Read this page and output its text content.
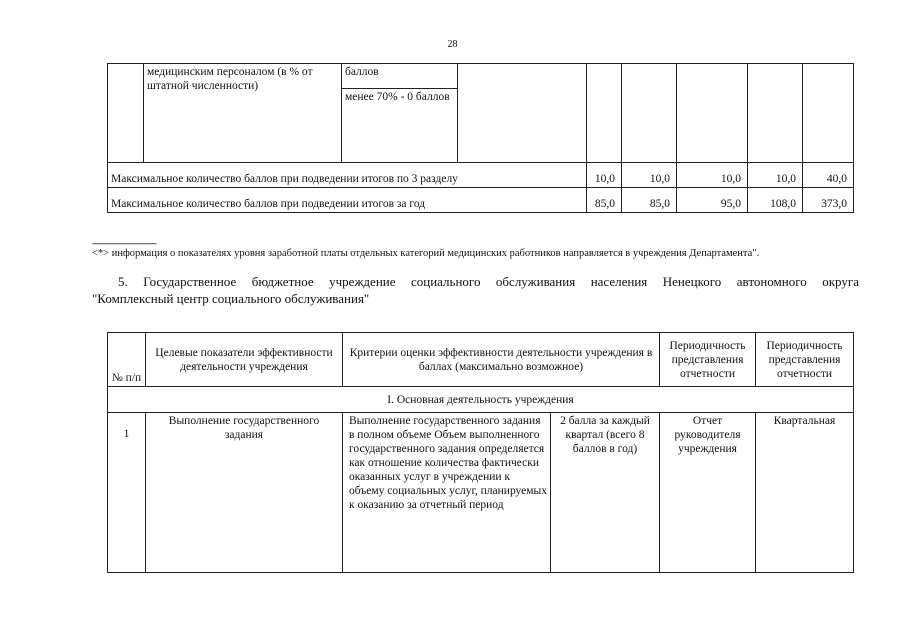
28
	медицинским персоналом (в % от штатной численности)	баллов						
		менее 70% - 0 баллов						
Максимальное количество баллов при подведении итогов по 3 разделу				10,0	10,0	10,0	10,0	40,0
Максимальное количество баллов при подведении итогов за год				85,0	85,0	95,0	108,0	373,0
--------------------------------
<*> информация о показателях уровня заработной платы отдельных категорий медицинских работников направляется в учреждения Департамента".
5. Государственное бюджетное учреждение социального обслуживания населения Ненецкого автономного округа
"Комплексный центр социального обслуживания"
№ п/п	Целевые показатели эффективности деятельности учреждения	Критерии оценки эффективности деятельности учреждения в баллах (максимально возможное)		Периодичность представления отчетности	Периодичность представления отчетности
I. Основная деятельность учреждения					
1	Выполнение государственного задания	Выполнение государственного задания в полном объеме Объем выполненного государственного задания определяется как отношение количества фактически оказанных услуг в учреждении к объему социальных услуг, планируемых к оказанию за отчетный период	2 балла за каждый квартал (всего 8 баллов в год)	Отчет руководителя учреждения	Квартальная
